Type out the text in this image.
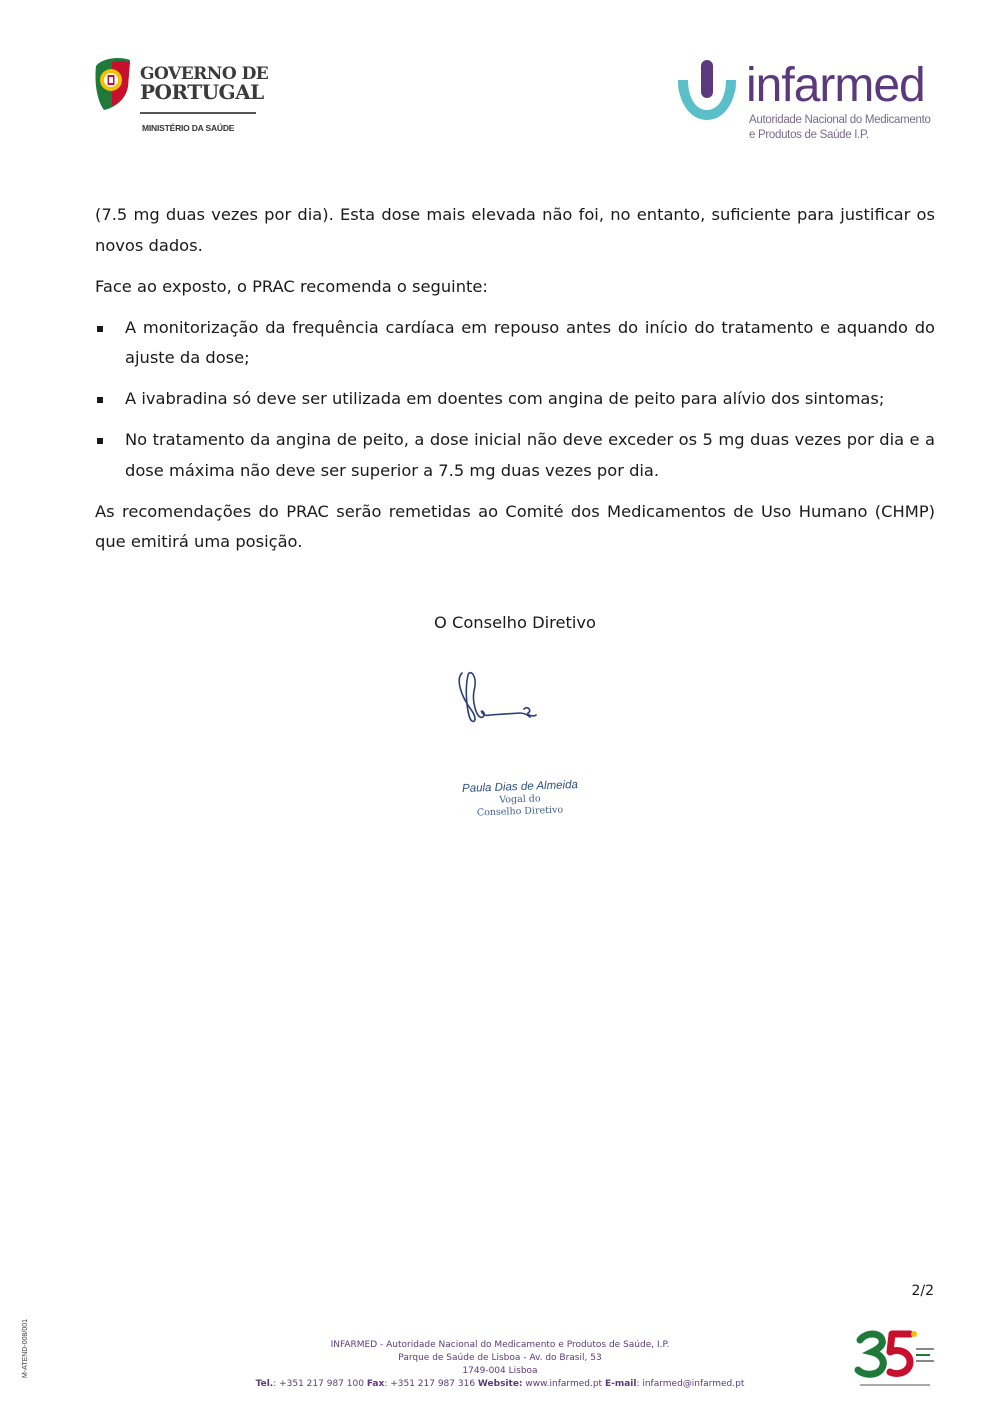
GOVERNO DE
PORTUGAL
MINISTÉRIO DA SAÚDE
infarmed
Autoridade Nacional do Medicamento
e Produtos de Saúde I.P.

(7.5 mg duas vezes por dia). Esta dose mais elevada não foi, no entanto, suficiente para justificar os novos dados.

Face ao exposto, o PRAC recomenda o seguinte:

A monitorização da frequência cardíaca em repouso antes do início do tratamento e aquando do ajuste da dose;
A ivabradina só deve ser utilizada em doentes com angina de peito para alívio dos sintomas;
No tratamento da angina de peito, a dose inicial não deve exceder os 5 mg duas vezes por dia e a dose máxima não deve ser superior a 7.5 mg duas vezes por dia.

As recomendações do PRAC serão remetidas ao Comité dos Medicamentos de Uso Humano (CHMP) que emitirá uma posição.

O Conselho Diretivo
Paula Dias de Almeida
Vogal do
Conselho Diretivo
2/2
M-ATEND-008/001	INFARMED - Autoridade Nacional do Medicamento e Produtos de Saúde, I.P.
Parque de Saúde de Lisboa - Av. do Brasil, 53
1749-004 Lisboa
Tel.: +351 217 987 100 Fax: +351 217 987 316 Website: www.infarmed.pt E-mail: infarmed@infarmed.pt
